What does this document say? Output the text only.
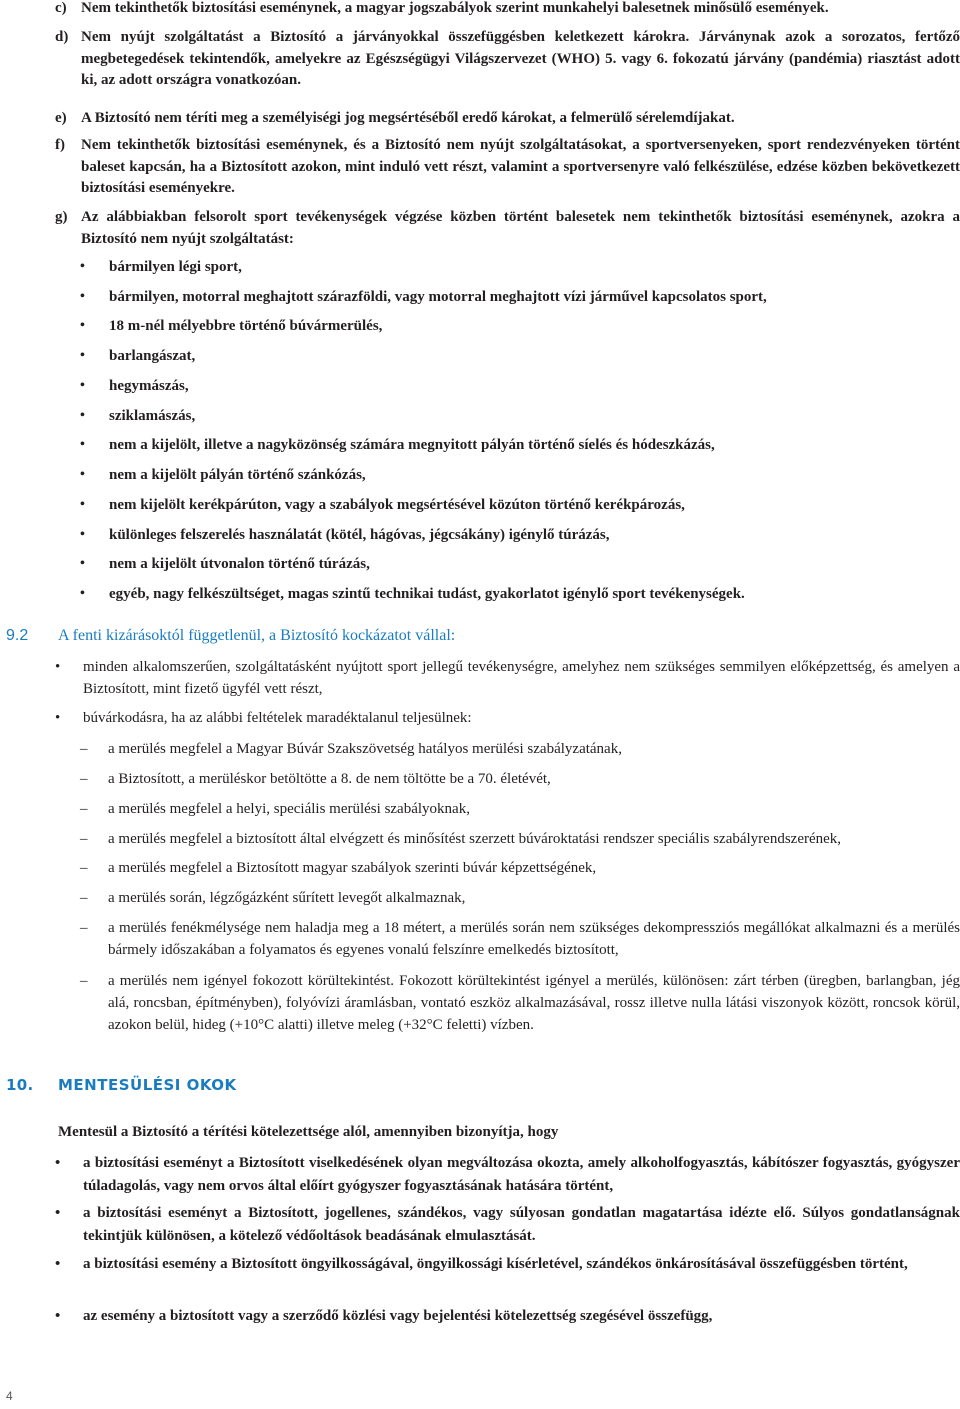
c) Nem tekinthetők biztosítási eseménynek, a magyar jogszabályok szerint munkahelyi balesetnek minősülő események.
d) Nem nyújt szolgáltatást a Biztosító a járványokkal összefüggésben keletkezett károkra. Járványnak azok a sorozatos, fertőző megbetegedések tekintendők, amelyekre az Egészségügyi Világszervezet (WHO) 5. vagy 6. fokozatú járvány (pandémia) riasztást adott ki, az adott országra vonatkozóan.
e) A Biztosító nem téríti meg a személyiségi jog megsértéséből eredő károkat, a felmerülő sérelemdíjakat.
f) Nem tekinthetők biztosítási eseménynek, és a Biztosító nem nyújt szolgáltatásokat, a sportversenyeken, sport rendezvényeken történt baleset kapcsán, ha a Biztosított azokon, mint induló vett részt, valamint a sportversenyre való felkészülése, edzése közben bekövetkezett biztosítási eseményekre.
g) Az alábbiakban felsorolt sport tevékenységek végzése közben történt balesetek nem tekinthetők biztosítási eseménynek, azokra a Biztosító nem nyújt szolgáltatást:
• bármilyen légi sport,
• bármilyen, motorral meghajtott szárazföldi, vagy motorral meghajtott vízi járművel kapcsolatos sport,
• 18 m-nél mélyebbre történő búvármerülés,
• barlangászat,
• hegymászás,
• sziklamászás,
• nem a kijelölt, illetve a nagyközönség számára megnyitott pályán történő síelés és hódeszkázás,
• nem a kijelölt pályán történő szánkózás,
• nem kijelölt kerékpárúton, vagy a szabályok megsértésével közúton történő kerékpározás,
• különleges felszerelés használatát (kötél, hágóvas, jégcsákány) igénylő túrázás,
• nem a kijelölt útvonalon történő túrázás,
• egyéb, nagy felkészültséget, magas szintű technikai tudást, gyakorlatot igénylő sport tevékenységek.
9.2 A fenti kizárásoktól függetlenül, a Biztosító kockázatot vállal:
• minden alkalomszerűen, szolgáltatásként nyújtott sport jellegű tevékenységre, amelyhez nem szükséges semmilyen előképzettség, és amelyen a Biztosított, mint fizető ügyfél vett részt,
• búvárkodásra, ha az alábbi feltételek maradéktalanul teljesülnek:
– a merülés megfelel a Magyar Búvár Szakszövetség hatályos merülési szabályzatának,
– a Biztosított, a merüléskor betöltötte a 8. de nem töltötte be a 70. életévét,
– a merülés megfelel a helyi, speciális merülési szabályoknak,
– a merülés megfelel a biztosított által elvégzett és minősítést szerzett búvároktatási rendszer speciális szabályrendszerének,
– a merülés megfelel a Biztosított magyar szabályok szerinti búvár képzettségének,
– a merülés során, légzőgázként sűrített levegőt alkalmaznak,
– a merülés fenékmélysége nem haladja meg a 18 métert, a merülés során nem szükséges dekompressziós megállókat alkalmazni és a merülés bármely időszakában a folyamatos és egyenes vonalú felszínre emelkedés biztosított,
– a merülés nem igényel fokozott körültekintést. Fokozott körültekintést igényel a merülés, különösen: zárt térben (üregben, barlangban, jég alá, roncsban, építményben), folyóvízi áramlásban, vontató eszköz alkalmazásával, rossz illetve nulla látási viszonyok között, roncsok körül, azokon belül, hideg (+10°C alatti) illetve meleg (+32°C feletti) vízben.
10. MENTESÜLÉSI OKOK
Mentesül a Biztosító a térítési kötelezettsége alól, amennyiben bizonyítja, hogy
• a biztosítási eseményt a Biztosított viselkedésének olyan megváltozása okozta, amely alkoholfogyasztás, kábítószer fogyasztás, gyógyszer túladagolás, vagy nem orvos által előírt gyógyszer fogyasztásának hatására történt,
• a biztosítási eseményt a Biztosított, jogellenes, szándékos, vagy súlyosan gondatlan magatartása idézte elő. Súlyos gondatlanságnak tekintjük különösen, a kötelező védőoltások beadásának elmulasztását.
• a biztosítási esemény a Biztosított öngyilkosságával, öngyilkossági kísérletével, szándékos önkárosításával összefüggésben történt,
• az esemény a biztosított vagy a szerződő közlési vagy bejelentési kötelezettség szegésével összefügg,
4
